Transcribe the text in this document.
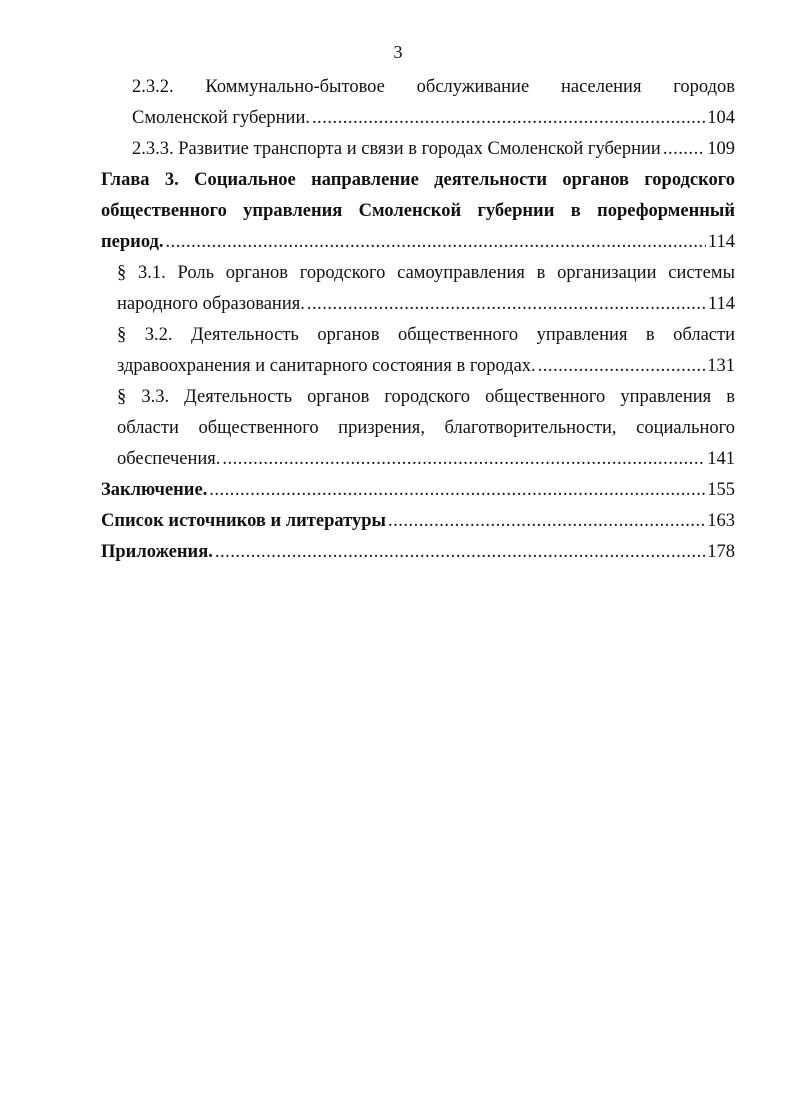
3
2.3.2. Коммунально-бытовое обслуживание населения городов
Смоленской губернии. .....	104
2.3.3. Развитие транспорта и связи в городах Смоленской губернии .....	109
Глава 3. Социальное направление деятельности органов городского
общественного управления Смоленской губернии в пореформенный
период. .....	114
§ 3.1. Роль органов городского самоуправления в организации системы
народного образования. .....	114
§ 3.2. Деятельность органов общественного управления в области
здравоохранения и санитарного состояния в городах. .....	131
§ 3.3. Деятельность органов городского общественного управления в
области общественного призрения, благотворительности, социального
обеспечения. .....	141
Заключение. .....	155
Список источников и литературы .....	163
Приложения. .....	178
